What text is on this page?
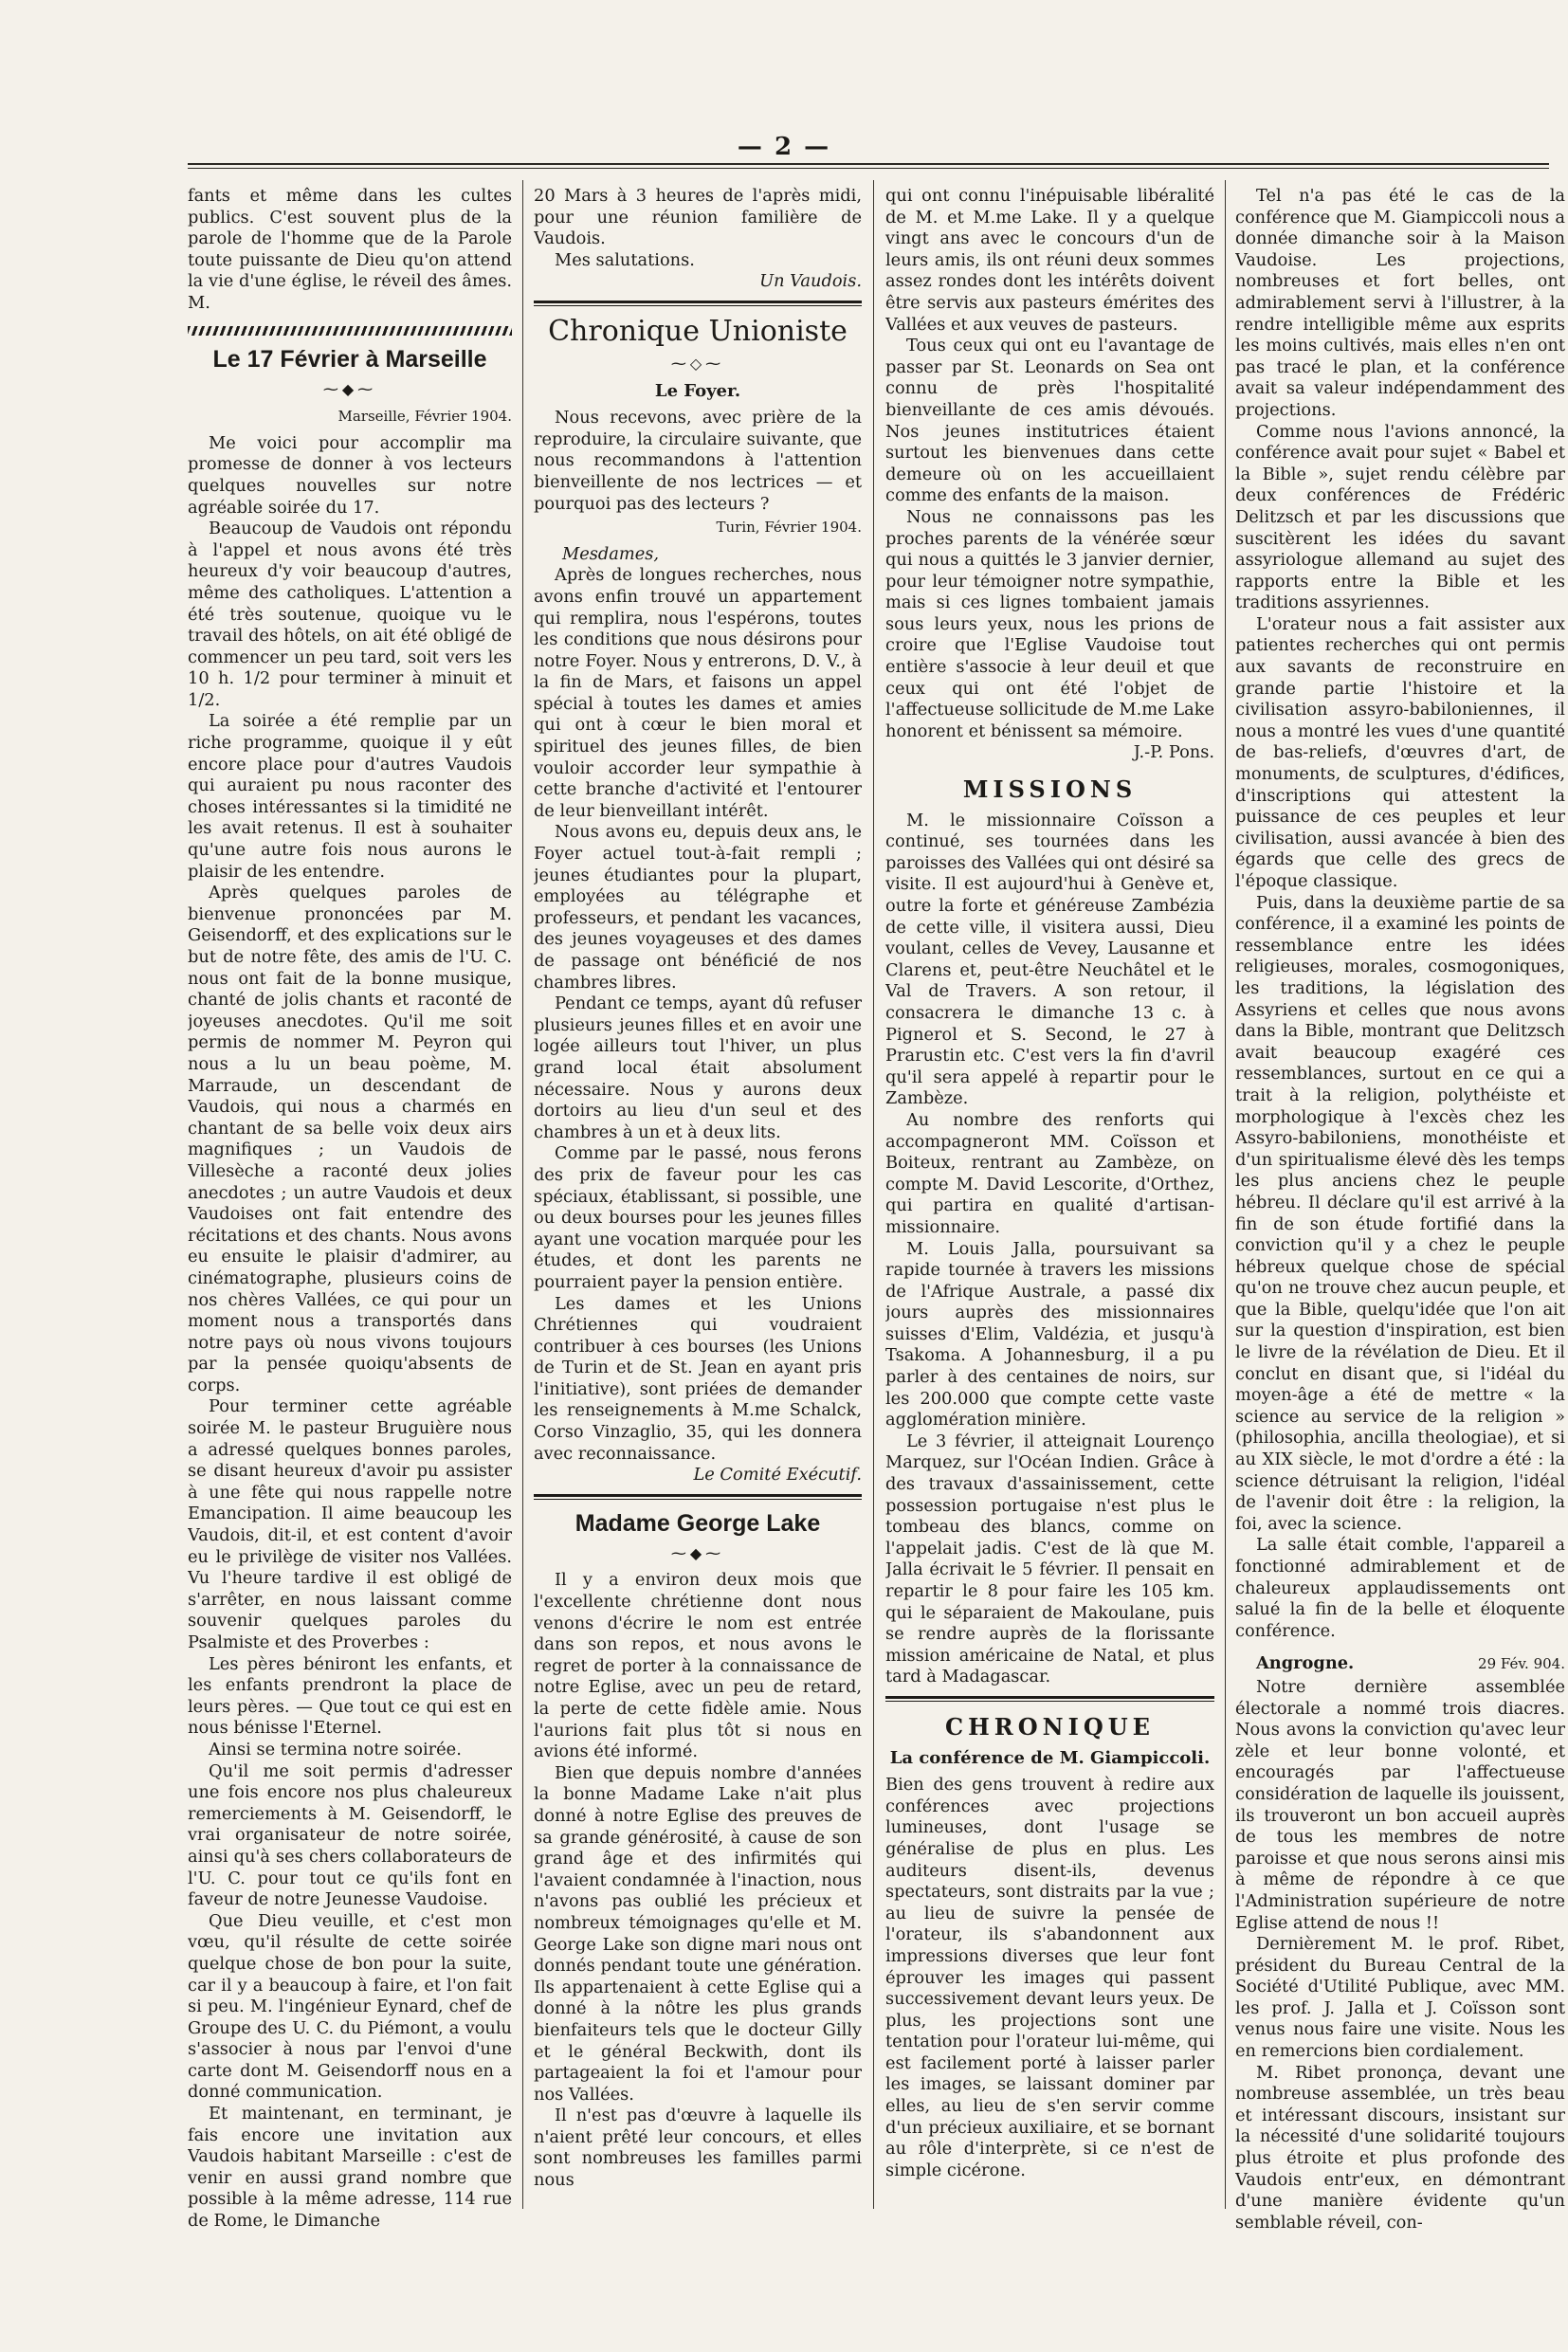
— 2 —

fants et même dans les cultes publics. C'est souvent plus de la parole de l'homme que de la Parole toute puissante de Dieu qu'on attend la vie d'une église, le réveil des âmes. M.

Le 17 Février à Marseille
⁓◆⁓

Marseille, Février 1904.

Me voici pour accomplir ma promesse de donner à vos lecteurs quelques nouvelles sur notre agréable soirée du 17.

Beaucoup de Vaudois ont répondu à l'appel et nous avons été très heureux d'y voir beaucoup d'autres, même des catholiques. L'attention a été très soutenue, quoique vu le travail des hôtels, on ait été obligé de commencer un peu tard, soit vers les 10 h. 1/2 pour terminer à minuit et 1/2.

La soirée a été remplie par un riche programme, quoique il y eût encore place pour d'autres Vaudois qui auraient pu nous raconter des choses intéressantes si la timidité ne les avait retenus. Il est à souhaiter qu'une autre fois nous aurons le plaisir de les entendre.

Après quelques paroles de bienvenue prononcées par M. Geisendorff, et des explications sur le but de notre fête, des amis de l'U. C. nous ont fait de la bonne musique, chanté de jolis chants et raconté de joyeuses anecdotes. Qu'il me soit permis de nommer M. Peyron qui nous a lu un beau poème, M. Marraude, un descendant de Vaudois, qui nous a charmés en chantant de sa belle voix deux airs magnifiques ; un Vaudois de Villesèche a raconté deux jolies anecdotes ; un autre Vaudois et deux Vaudoises ont fait entendre des récitations et des chants. Nous avons eu ensuite le plaisir d'admirer, au cinématographe, plusieurs coins de nos chères Vallées, ce qui pour un moment nous a transportés dans notre pays où nous vivons toujours par la pensée quoiqu'absents de corps.

Pour terminer cette agréable soirée M. le pasteur Bruguière nous a adressé quelques bonnes paroles, se disant heureux d'avoir pu assister à une fête qui nous rappelle notre Emancipation. Il aime beaucoup les Vaudois, dit-il, et est content d'avoir eu le privilège de visiter nos Vallées. Vu l'heure tardive il est obligé de s'arrêter, en nous laissant comme souvenir quelques paroles du Psalmiste et des Proverbes :

Les pères béniront les enfants, et les enfants prendront la place de leurs pères. — Que tout ce qui est en nous bénisse l'Eternel.

Ainsi se termina notre soirée.

Qu'il me soit permis d'adresser une fois encore nos plus chaleureux remerciements à M. Geisendorff, le vrai organisateur de notre soirée, ainsi qu'à ses chers collaborateurs de l'U. C. pour tout ce qu'ils font en faveur de notre Jeunesse Vaudoise.

Que Dieu veuille, et c'est mon vœu, qu'il résulte de cette soirée quelque chose de bon pour la suite, car il y a beaucoup à faire, et l'on fait si peu. M. l'ingénieur Eynard, chef de Groupe des U. C. du Piémont, a voulu s'associer à nous par l'envoi d'une carte dont M. Geisendorff nous en a donné communication.

Et maintenant, en terminant, je fais encore une invitation aux Vaudois habitant Marseille : c'est de venir en aussi grand nombre que possible à la même adresse, 114 rue de Rome, le Dimanche

20 Mars à 3 heures de l'après midi, pour une réunion familière de Vaudois.

Mes salutations.

Un Vaudois.

Chronique Unioniste
⁓◇⁓
Le Foyer.

Nous recevons, avec prière de la reproduire, la circulaire suivante, que nous recommandons à l'attention bienveillente de nos lectrices — et pourquoi pas des lecteurs ?

Turin, Février 1904.

Mesdames,

Après de longues recherches, nous avons enfin trouvé un appartement qui remplira, nous l'espérons, toutes les conditions que nous désirons pour notre Foyer. Nous y entrerons, D. V., à la fin de Mars, et faisons un appel spécial à toutes les dames et amies qui ont à cœur le bien moral et spirituel des jeunes filles, de bien vouloir accorder leur sympathie à cette branche d'activité et l'entourer de leur bienveillant intérêt.

Nous avons eu, depuis deux ans, le Foyer actuel tout-à-fait rempli ; jeunes étudiantes pour la plupart, employées au télégraphe et professeurs, et pendant les vacances, des jeunes voyageuses et des dames de passage ont bénéficié de nos chambres libres.

Pendant ce temps, ayant dû refuser plusieurs jeunes filles et en avoir une logée ailleurs tout l'hiver, un plus grand local était absolument nécessaire. Nous y aurons deux dortoirs au lieu d'un seul et des chambres à un et à deux lits.

Comme par le passé, nous ferons des prix de faveur pour les cas spéciaux, établissant, si possible, une ou deux bourses pour les jeunes filles ayant une vocation marquée pour les études, et dont les parents ne pourraient payer la pension entière.

Les dames et les Unions Chrétiennes qui voudraient contribuer à ces bourses (les Unions de Turin et de St. Jean en ayant pris l'initiative), sont priées de demander les renseignements à M.me Schalck, Corso Vinzaglio, 35, qui les donnera avec reconnaissance.

Le Comité Exécutif.

Madame George Lake
⁓◆⁓

Il y a environ deux mois que l'excellente chrétienne dont nous venons d'écrire le nom est entrée dans son repos, et nous avons le regret de porter à la connaissance de notre Eglise, avec un peu de retard, la perte de cette fidèle amie. Nous l'aurions fait plus tôt si nous en avions été informé.

Bien que depuis nombre d'années la bonne Madame Lake n'ait plus donné à notre Eglise des preuves de sa grande générosité, à cause de son grand âge et des infirmités qui l'avaient condamnée à l'inaction, nous n'avons pas oublié les précieux et nombreux témoignages qu'elle et M. George Lake son digne mari nous ont donnés pendant toute une génération. Ils appartenaient à cette Eglise qui a donné à la nôtre les plus grands bienfaiteurs tels que le docteur Gilly et le général Beckwith, dont ils partageaient la foi et l'amour pour nos Vallées.

Il n'est pas d'œuvre à laquelle ils n'aient prêté leur concours, et elles sont nombreuses les familles parmi nous

qui ont connu l'inépuisable libéralité de M. et M.me Lake. Il y a quelque vingt ans avec le concours d'un de leurs amis, ils ont réuni deux sommes assez rondes dont les intérêts doivent être servis aux pasteurs émérites des Vallées et aux veuves de pasteurs.

Tous ceux qui ont eu l'avantage de passer par St. Leonards on Sea ont connu de près l'hospitalité bienveillante de ces amis dévoués. Nos jeunes institutrices étaient surtout les bienvenues dans cette demeure où on les accueillaient comme des enfants de la maison.

Nous ne connaissons pas les proches parents de la vénérée sœur qui nous a quittés le 3 janvier dernier, pour leur témoigner notre sympathie, mais si ces lignes tombaient jamais sous leurs yeux, nous les prions de croire que l'Eglise Vaudoise tout entière s'associe à leur deuil et que ceux qui ont été l'objet de l'affectueuse sollicitude de M.me Lake honorent et bénissent sa mémoire.

J.-P. Pons.

MISSIONS

M. le missionnaire Coïsson a continué, ses tournées dans les paroisses des Vallées qui ont désiré sa visite. Il est aujourd'hui à Genève et, outre la forte et généreuse Zambézia de cette ville, il visitera aussi, Dieu voulant, celles de Vevey, Lausanne et Clarens et, peut-être Neuchâtel et le Val de Travers. A son retour, il consacrera le dimanche 13 c. à Pignerol et S. Second, le 27 à Prarustin etc. C'est vers la fin d'avril qu'il sera appelé à repartir pour le Zambèze.

Au nombre des renforts qui accompagneront MM. Coïsson et Boiteux, rentrant au Zambèze, on compte M. David Lescorite, d'Orthez, qui partira en qualité d'artisan-missionnaire.

M. Louis Jalla, poursuivant sa rapide tournée à travers les missions de l'Afrique Australe, a passé dix jours auprès des missionnaires suisses d'Elim, Valdézia, et jusqu'à Tsakoma. A Johannesburg, il a pu parler à des centaines de noirs, sur les 200.000 que compte cette vaste agglomération minière.

Le 3 février, il atteignait Lourenço Marquez, sur l'Océan Indien. Grâce à des travaux d'assainissement, cette possession portugaise n'est plus le tombeau des blancs, comme on l'appelait jadis. C'est de là que M. Jalla écrivait le 5 février. Il pensait en repartir le 8 pour faire les 105 km. qui le séparaient de Makoulane, puis se rendre auprès de la florissante mission américaine de Natal, et plus tard à Madagascar.

CHRONIQUE
La conférence de M. Giampiccoli.

Bien des gens trouvent à redire aux conférences avec projections lumineuses, dont l'usage se généralise de plus en plus. Les auditeurs disent-ils, devenus spectateurs, sont distraits par la vue ; au lieu de suivre la pensée de l'orateur, ils s'abandonnent aux impressions diverses que leur font éprouver les images qui passent successivement devant leurs yeux. De plus, les projections sont une tentation pour l'orateur lui-même, qui est facilement porté à laisser parler les images, se laissant dominer par elles, au lieu de s'en servir comme d'un précieux auxiliaire, et se bornant au rôle d'interprète, si ce n'est de simple cicérone.

Tel n'a pas été le cas de la conférence que M. Giampiccoli nous a donnée dimanche soir à la Maison Vaudoise. Les projections, nombreuses et fort belles, ont admirablement servi à l'illustrer, à la rendre intelligible même aux esprits les moins cultivés, mais elles n'en ont pas tracé le plan, et la conférence avait sa valeur indépendamment des projections.

Comme nous l'avions annoncé, la conférence avait pour sujet « Babel et la Bible », sujet rendu célèbre par deux conférences de Frédéric Delitzsch et par les discussions que suscitèrent les idées du savant assyriologue allemand au sujet des rapports entre la Bible et les traditions assyriennes.

L'orateur nous a fait assister aux patientes recherches qui ont permis aux savants de reconstruire en grande partie l'histoire et la civilisation assyro-babiloniennes, il nous a montré les vues d'une quantité de bas-reliefs, d'œuvres d'art, de monuments, de sculptures, d'édifices, d'inscriptions qui attestent la puissance de ces peuples et leur civilisation, aussi avancée à bien des égards que celle des grecs de l'époque classique.

Puis, dans la deuxième partie de sa conférence, il a examiné les points de ressemblance entre les idées religieuses, morales, cosmogoniques, les traditions, la législation des Assyriens et celles que nous avons dans la Bible, montrant que Delitzsch avait beaucoup exagéré ces ressemblances, surtout en ce qui a trait à la religion, polythéiste et morphologique à l'excès chez les Assyro-babiloniens, monothéiste et d'un spiritualisme élevé dès les temps les plus anciens chez le peuple hébreu. Il déclare qu'il est arrivé à la fin de son étude fortifié dans la conviction qu'il y a chez le peuple hébreux quelque chose de spécial qu'on ne trouve chez aucun peuple, et que la Bible, quelqu'idée que l'on ait sur la question d'inspiration, est bien le livre de la révélation de Dieu. Et il conclut en disant que, si l'idéal du moyen-âge a été de mettre « la science au service de la religion » (philosophia, ancilla theologiae), et si au XIX siècle, le mot d'ordre a été : la science détruisant la religion, l'idéal de l'avenir doit être : la religion, la foi, avec la science.

La salle était comble, l'appareil a fonctionné admirablement et de chaleureux applaudissements ont salué la fin de la belle et éloquente conférence.

Angrogne.	29 Fév. 904.

Notre dernière assemblée électorale a nommé trois diacres. Nous avons la conviction qu'avec leur zèle et leur bonne volonté, et encouragés par l'affectueuse considération de laquelle ils jouissent, ils trouveront un bon accueil auprès de tous les membres de notre paroisse et que nous serons ainsi mis à même de répondre à ce que l'Administration supérieure de notre Eglise attend de nous !!

Dernièrement M. le prof. Ribet, président du Bureau Central de la Société d'Utilité Publique, avec MM. les prof. J. Jalla et J. Coïsson sont venus nous faire une visite. Nous les en remercions bien cordialement.

M. Ribet prononça, devant une nombreuse assemblée, un très beau et intéressant discours, insistant sur la nécessité d'une solidarité toujours plus étroite et plus profonde des Vaudois entr'eux, en démontrant d'une manière évidente qu'un semblable réveil, con-
